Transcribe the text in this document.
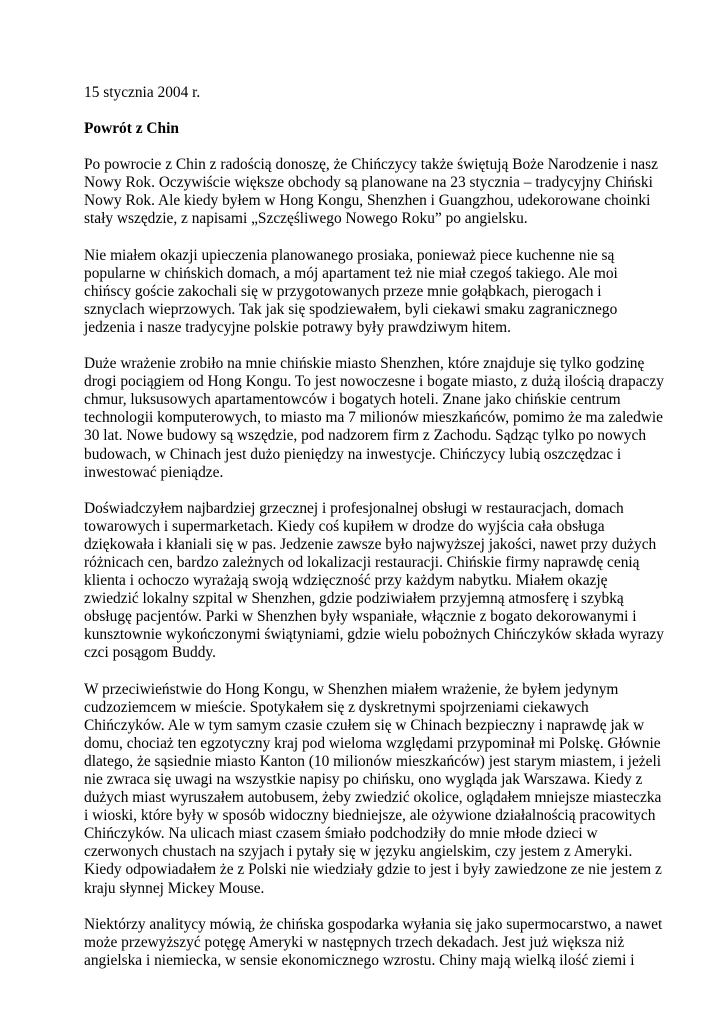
15 stycznia 2004 r.

Powrót z Chin

Po powrocie z Chin z radością donoszę, że Chińczycy także świętują Boże Narodzenie i nasz

Nowy Rok. Oczywiście większe obchody są planowane na 23 stycznia – tradycyjny Chiński

Nowy Rok. Ale kiedy byłem w Hong Kongu, Shenzhen i Guangzhou, udekorowane choinki

stały wszędzie, z napisami „Szczęśliwego Nowego Roku” po angielsku.

Nie miałem okazji upieczenia planowanego prosiaka, ponieważ piece kuchenne nie są

popularne w chińskich domach, a mój apartament też nie miał czegoś takiego. Ale moi

chińscy goście zakochali się w przygotowanych przeze mnie gołąbkach, pierogach i

sznyclach wieprzowych. Tak jak się spodziewałem, byli ciekawi smaku zagranicznego

jedzenia i nasze tradycyjne polskie potrawy były prawdziwym hitem.

Duże wrażenie zrobiło na mnie chińskie miasto Shenzhen, które znajduje się tylko godzinę

drogi pociągiem od Hong Kongu. To jest nowoczesne i bogate miasto, z dużą ilością drapaczy

chmur, luksusowych apartamentowców i bogatych hoteli. Znane jako chińskie centrum

technologii komputerowych, to miasto ma 7 milionów mieszkańców, pomimo że ma zaledwie

30 lat. Nowe budowy są wszędzie, pod nadzorem firm z Zachodu. Sądząc tylko po nowych

budowach, w Chinach jest dużo pieniędzy na inwestycje. Chińczycy lubią oszczędzac i

inwestować pieniądze.

Doświadczyłem najbardziej grzecznej i profesjonalnej obsługi w restauracjach, domach

towarowych i supermarketach. Kiedy coś kupiłem w drodze do wyjścia cała obsługa

dziękowała i kłaniali się w pas. Jedzenie zawsze było najwyższej jakości, nawet przy dużych

różnicach cen, bardzo zależnych od lokalizacji restauracji. Chińskie firmy naprawdę cenią

klienta i ochoczo wyrażają swoją wdzięczność przy każdym nabytku. Miałem okazję

zwiedzić lokalny szpital w Shenzhen, gdzie podziwiałem przyjemną atmosferę i szybką

obsługę pacjentów. Parki w Shenzhen były wspaniałe, włącznie z bogato dekorowanymi i

kunsztownie wykończonymi świątyniami, gdzie wielu pobożnych Chińczyków składa wyrazy

czci posągom Buddy.

W przeciwieństwie do Hong Kongu, w Shenzhen miałem wrażenie, że byłem jedynym

cudzoziemcem w mieście. Spotykałem się z dyskretnymi spojrzeniami ciekawych

Chińczyków. Ale w tym samym czasie czułem się w Chinach bezpieczny i naprawdę jak w

domu, chociaż ten egzotyczny kraj pod wieloma względami przypominał mi Polskę. Głównie

dlatego, że sąsiednie miasto Kanton (10 milionów mieszkańców) jest starym miastem, i jeżeli

nie zwraca się uwagi na wszystkie napisy po chińsku, ono wygląda jak Warszawa. Kiedy z

dużych miast wyruszałem autobusem, żeby zwiedzić okolice, oglądałem mniejsze miasteczka

i wioski, które były w sposób widoczny biedniejsze, ale ożywione działalnością pracowitych

Chińczyków. Na ulicach miast czasem śmiało podchodziły do mnie młode dzieci w

czerwonych chustach na szyjach i pytały się w języku angielskim, czy jestem z Ameryki.

Kiedy odpowiadałem że z Polski nie wiedziały gdzie to jest i były zawiedzone ze nie jestem z

kraju słynnej Mickey Mouse.

Niektórzy analitycy mówią, że chińska gospodarka wyłania się jako supermocarstwo, a nawet

może przewyższyć potęgę Ameryki w następnych trzech dekadach. Jest już większa niż

angielska i niemiecka, w sensie ekonomicznego wzrostu. Chiny mają wielką ilość ziemi i
